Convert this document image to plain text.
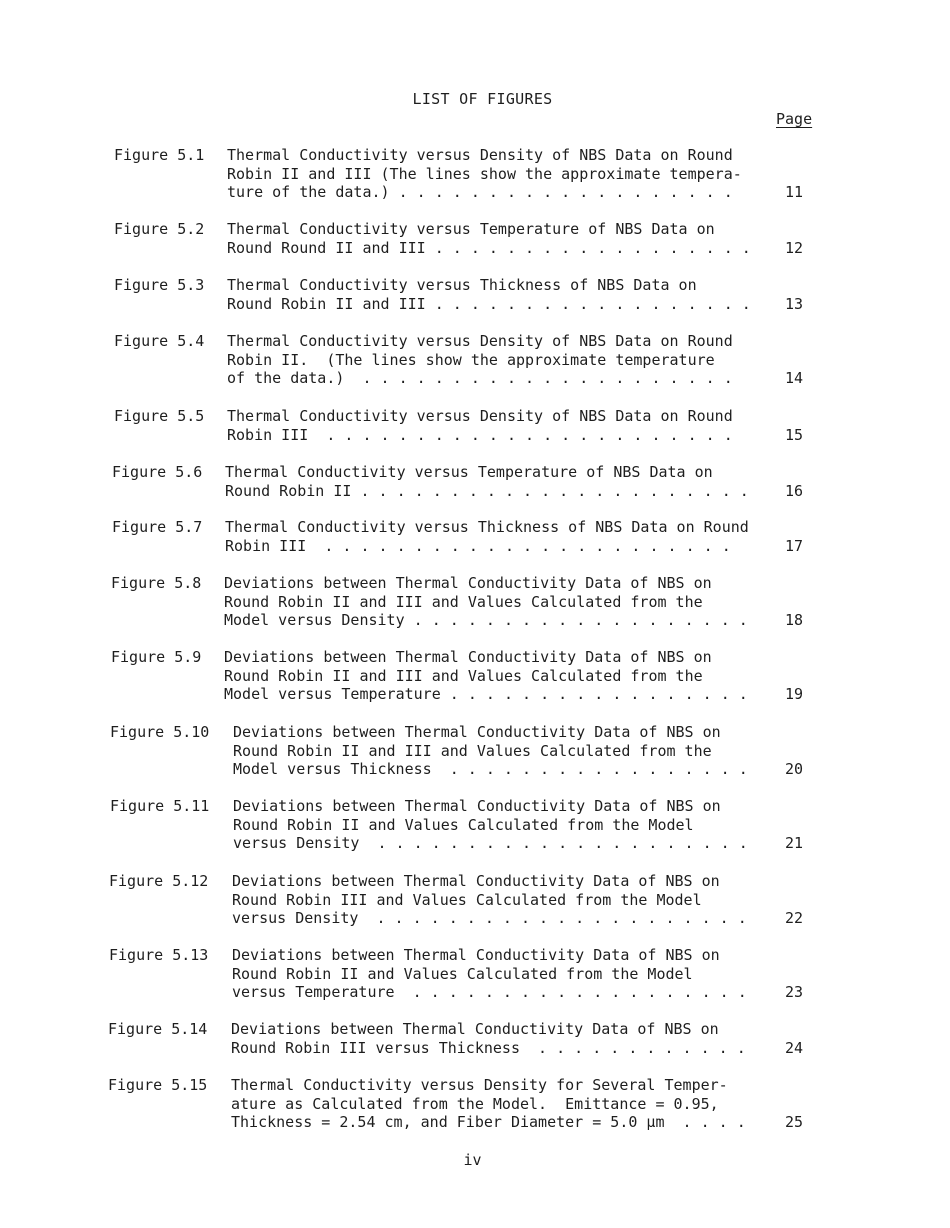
LIST OF FIGURES
Page
Figure 5.1 Thermal Conductivity versus Density of NBS Data on Round
Robin II and III (The lines show the approximate tempera-
ture of the data.) . . . . . . . . . . . . . . . . . . .	11
Figure 5.2 Thermal Conductivity versus Temperature of NBS Data on
Round Round II and III . . . . . . . . . . . . . . . . . .	12
Figure 5.3 Thermal Conductivity versus Thickness of NBS Data on
Round Robin II and III . . . . . . . . . . . . . . . . . .	13
Figure 5.4 Thermal Conductivity versus Density of NBS Data on Round
Robin II.  (The lines show the approximate temperature
of the data.)  . . . . . . . . . . . . . . . . . . . . .	14
Figure 5.5 Thermal Conductivity versus Density of NBS Data on Round
Robin III  . . . . . . . . . . . . . . . . . . . . . . .	15
Figure 5.6 Thermal Conductivity versus Temperature of NBS Data on
Round Robin II . . . . . . . . . . . . . . . . . . . . . .	16
Figure 5.7 Thermal Conductivity versus Thickness of NBS Data on Round
Robin III  . . . . . . . . . . . . . . . . . . . . . . .	17
Figure 5.8 Deviations between Thermal Conductivity Data of NBS on
Round Robin II and III and Values Calculated from the
Model versus Density . . . . . . . . . . . . . . . . . . .	18
Figure 5.9 Deviations between Thermal Conductivity Data of NBS on
Round Robin II and III and Values Calculated from the
Model versus Temperature . . . . . . . . . . . . . . . . .	19
Figure 5.10 Deviations between Thermal Conductivity Data of NBS on
Round Robin II and III and Values Calculated from the
Model versus Thickness  . . . . . . . . . . . . . . . . .	20
Figure 5.11 Deviations between Thermal Conductivity Data of NBS on
Round Robin II and Values Calculated from the Model
versus Density  . . . . . . . . . . . . . . . . . . . . .	21
Figure 5.12 Deviations between Thermal Conductivity Data of NBS on
Round Robin III and Values Calculated from the Model
versus Density  . . . . . . . . . . . . . . . . . . . . .	22
Figure 5.13 Deviations between Thermal Conductivity Data of NBS on
Round Robin II and Values Calculated from the Model
versus Temperature  . . . . . . . . . . . . . . . . . . .	23
Figure 5.14 Deviations between Thermal Conductivity Data of NBS on
Round Robin III versus Thickness  . . . . . . . . . . . .	24
Figure 5.15 Thermal Conductivity versus Density for Several Temper-
ature as Calculated from the Model.  Emittance = 0.95,
Thickness = 2.54 cm, and Fiber Diameter = 5.0 μm  . . . .	25
iv
